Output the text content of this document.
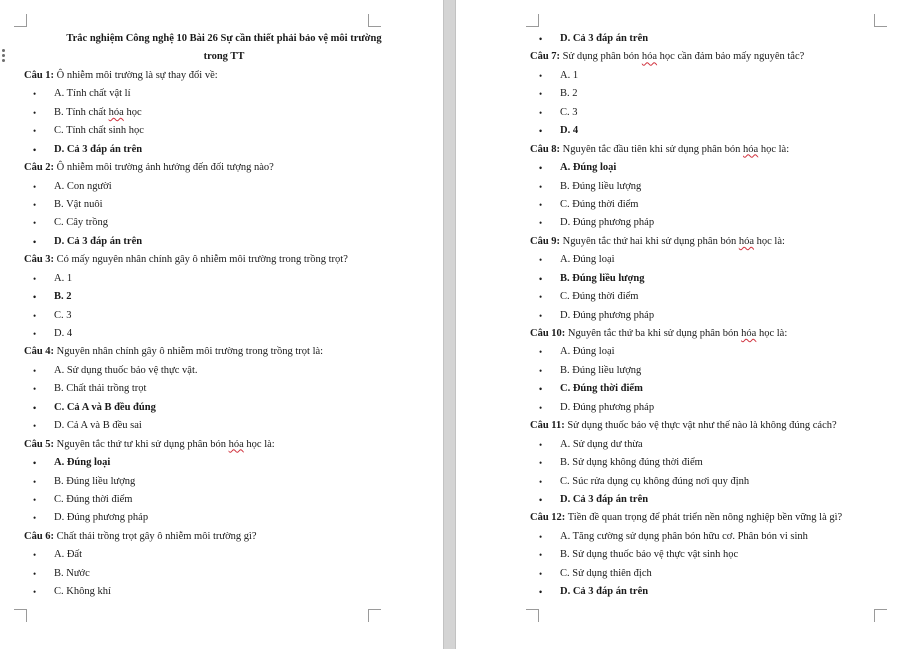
Trắc nghiệm Công nghệ 10 Bài 26 Sự cần thiết phải bảo vệ môi trường
trong TT
Câu 1: Ô nhiễm môi trường là sự thay đổi về:
• A. Tính chất vật lí
• B. Tính chất hóa học
• C. Tính chất sinh học
• D. Cả 3 đáp án trên
Câu 2: Ô nhiễm môi trường ảnh hưởng đến đối tượng nào?
• A. Con người
• B. Vật nuôi
• C. Cây trồng
• D. Cả 3 đáp án trên
Câu 3: Có mấy nguyên nhân chính gây ô nhiễm môi trường trong trồng trọt?
• A. 1
• B. 2
• C. 3
• D. 4
Câu 4: Nguyên nhân chính gây ô nhiễm môi trường trong trồng trọt là:
• A. Sử dụng thuốc bảo vệ thực vật.
• B. Chất thải trồng trọt
• C. Cả A và B đều đúng
• D. Cả A và B đều sai
Câu 5: Nguyên tắc thứ tư khi sử dụng phân bón hóa học là:
• A. Đúng loại
• B. Đúng liều lượng
• C. Đúng thời điểm
• D. Đúng phương pháp
Câu 6: Chất thải trồng trọt gây ô nhiễm môi trường gì?
• A. Đất
• B. Nước
• C. Không khí
• D. Cả 3 đáp án trên
Câu 7: Sử dụng phân bón hóa học cần đảm bảo mấy nguyên tắc?
• A. 1
• B. 2
• C. 3
• D. 4
Câu 8: Nguyên tắc đầu tiên khi sử dụng phân bón hóa học là:
• A. Đúng loại
• B. Đúng liều lượng
• C. Đúng thời điểm
• D. Đúng phương pháp
Câu 9: Nguyên tắc thứ hai khi sử dụng phân bón hóa học là:
• A. Đúng loại
• B. Đúng liều lượng
• C. Đúng thời điểm
• D. Đúng phương pháp
Câu 10: Nguyên tắc thứ ba khi sử dụng phân bón hóa học là:
• A. Đúng loại
• B. Đúng liều lượng
• C. Đúng thời điểm
• D. Đúng phương pháp
Câu 11: Sử dụng thuốc bảo vệ thực vật như thế nào là không đúng cách?
• A. Sử dụng dư thừa
• B. Sử dụng không đúng thời điểm
• C. Súc rửa dụng cụ không đúng nơi quy định
• D. Cả 3 đáp án trên
Câu 12: Tiền đề quan trọng để phát triển nền nông nghiệp bền vững là gì?
• A. Tăng cường sử dụng phân bón hữu cơ. Phân bón vi sinh
• B. Sử dụng thuốc bảo vệ thực vật sinh học
• C. Sử dụng thiên địch
• D. Cả 3 đáp án trên
